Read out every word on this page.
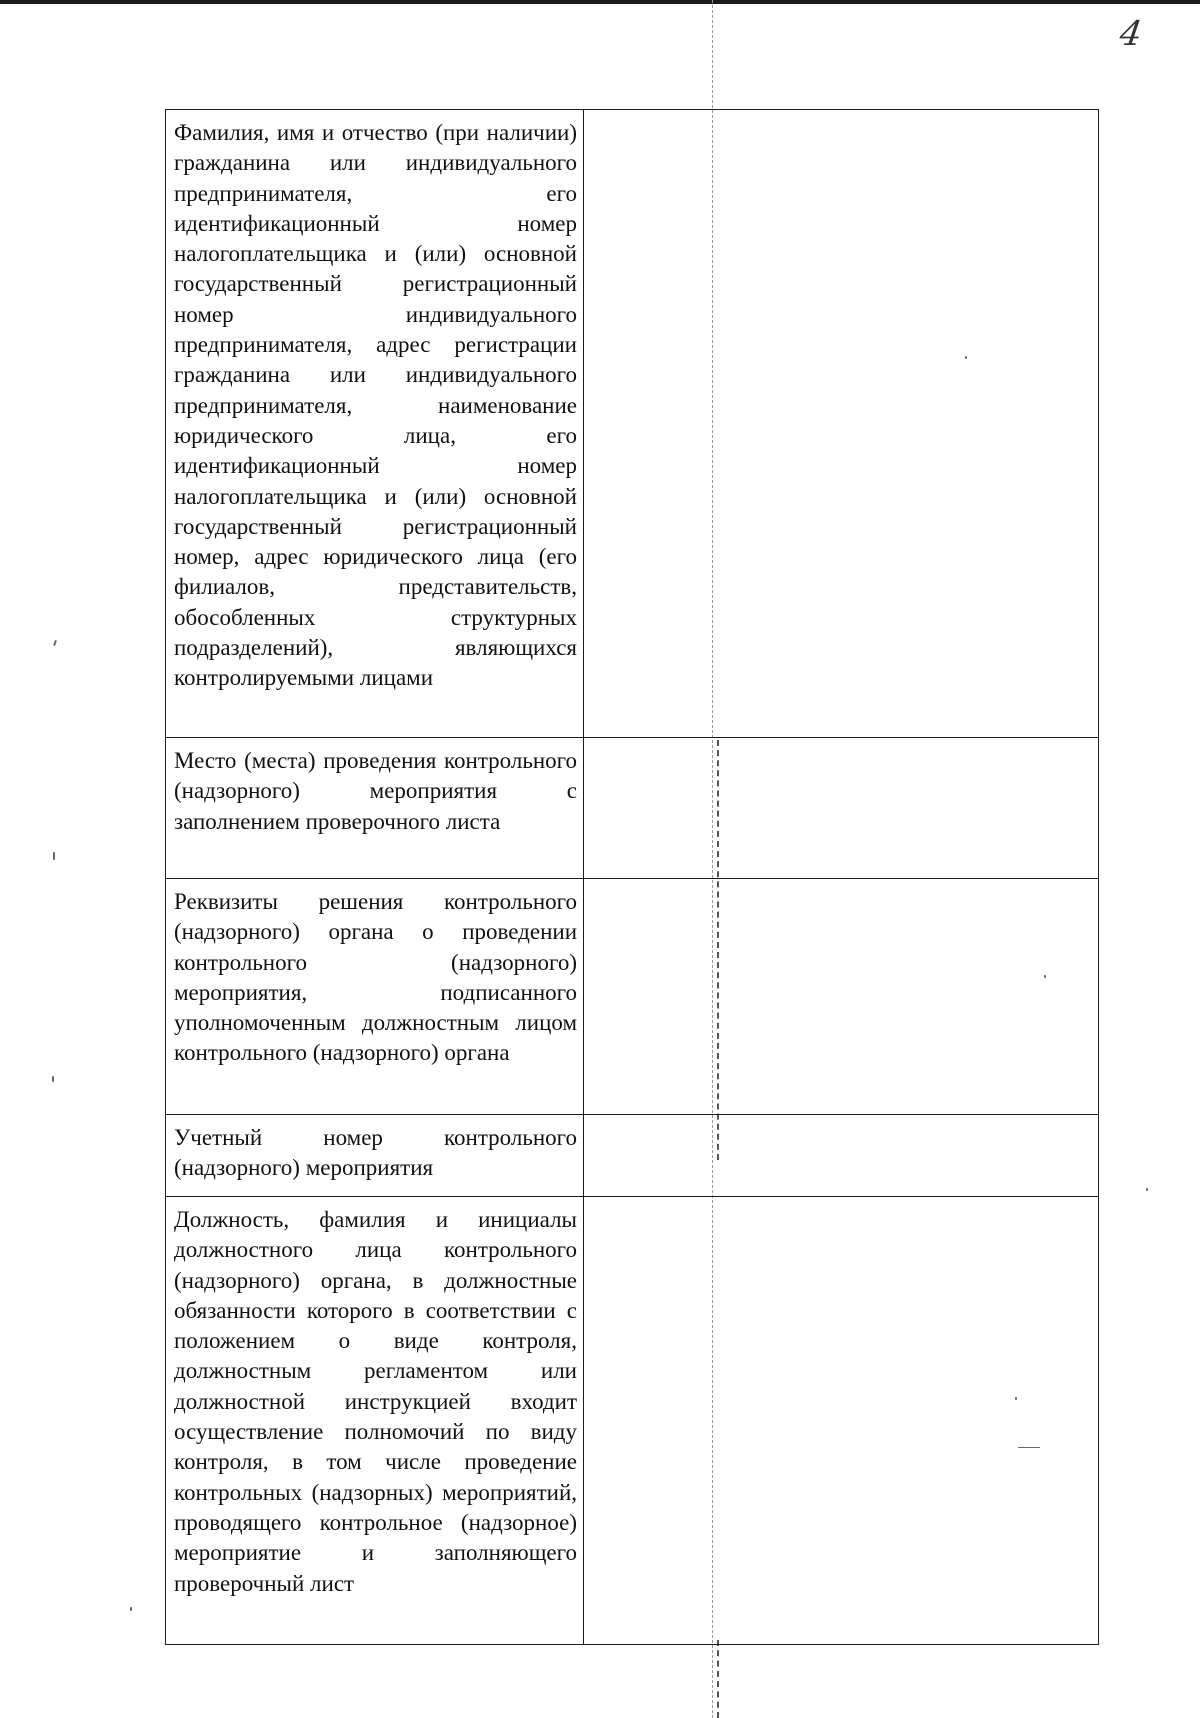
4

Фамилия, имя и отчество (при наличии) гражданина или индивидуального предпринимателя, его идентификационный номер налогоплательщика и (или) основной государственный регистрационный номер индивидуального предпринимателя, адрес регистрации гражданина или индивидуального предпринимателя, наименование юридического лица, его идентификационный номер налогоплательщика и (или) основной государственный регистрационный номер, адрес юридического лица (его филиалов, представительств, обособленных структурных подразделений), являющихся контролируемыми лицами	

Место (места) проведения контрольного (надзорного) мероприятия с заполнением проверочного листа	

Реквизиты решения контрольного (надзорного) органа о проведении контрольного (надзорного) мероприятия, подписанного уполномоченным должностным лицом контрольного (надзорного) органа	

Учетный номер контрольного (надзорного) мероприятия	

Должность, фамилия и инициалы должностного лица контрольного (надзорного) органа, в должностные обязанности которого в соответствии с положением о виде контроля, должностным регламентом или должностной инструкцией входит осуществление полномочий по виду контроля, в том числе проведение контрольных (надзорных) мероприятий, проводящего контрольное (надзорное) мероприятие и заполняющего проверочный лист	
